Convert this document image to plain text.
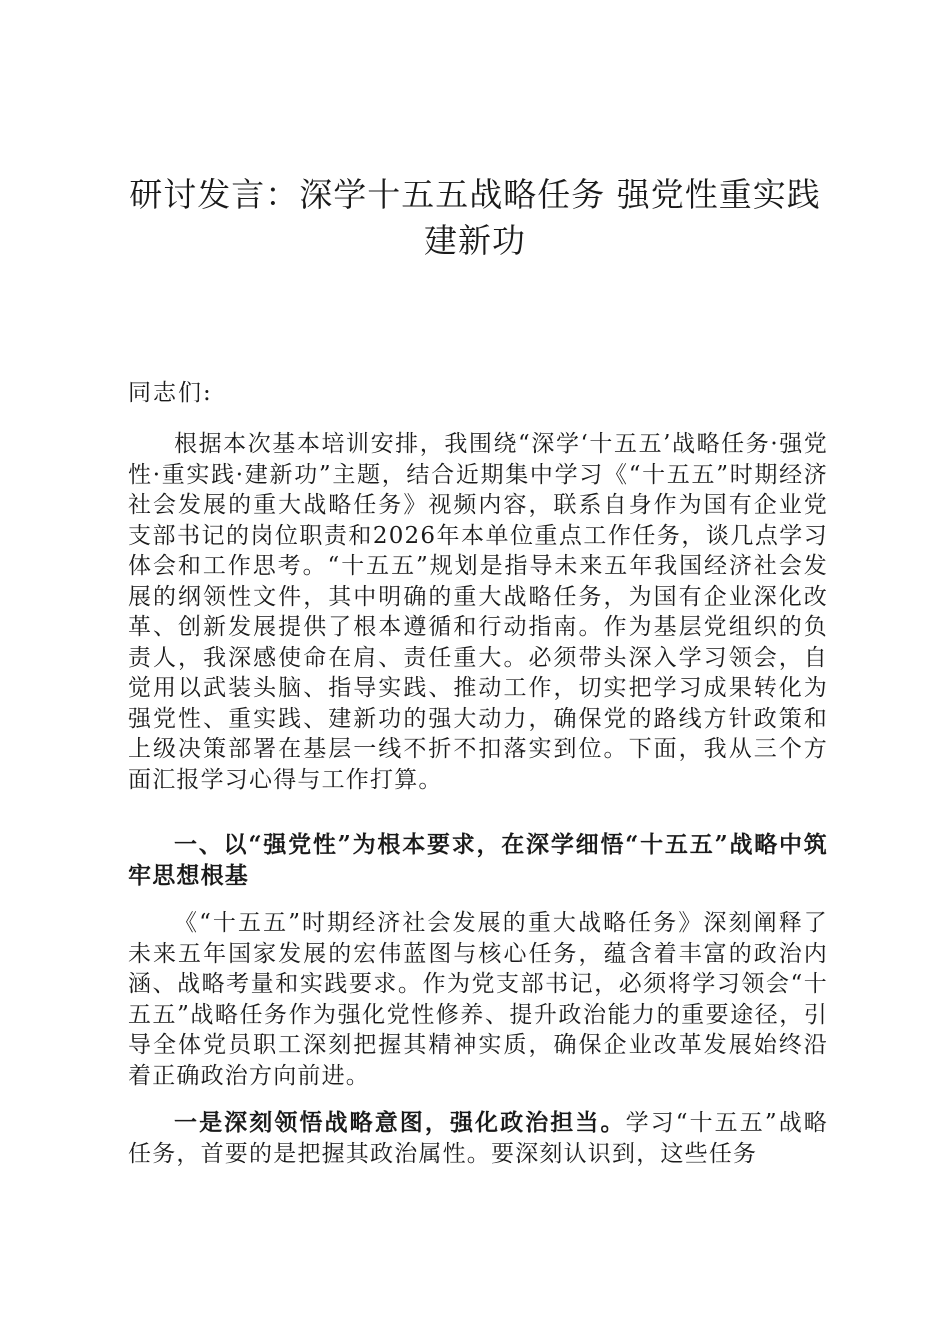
研讨发言：深学十五五战略任务 强党性重实践建新功

同志们:

根据本次基本培训安排，我围绕“深学‘十五五’战略任务·强党性·重实践·建新功”主题，结合近期集中学习《“十五五”时期经济社会发展的重大战略任务》视频内容，联系自身作为国有企业党支部书记的岗位职责和2026年本单位重点工作任务，谈几点学习体会和工作思考。“十五五”规划是指导未来五年我国经济社会发展的纲领性文件，其中明确的重大战略任务，为国有企业深化改革、创新发展提供了根本遵循和行动指南。作为基层党组织的负责人，我深感使命在肩、责任重大。必须带头深入学习领会，自觉用以武装头脑、指导实践、推动工作，切实把学习成果转化为强党性、重实践、建新功的强大动力，确保党的路线方针政策和上级决策部署在基层一线不折不扣落实到位。下面，我从三个方面汇报学习心得与工作打算。

一、以“强党性”为根本要求，在深学细悟“十五五”战略中筑牢思想根基

《“十五五”时期经济社会发展的重大战略任务》深刻阐释了未来五年国家发展的宏伟蓝图与核心任务，蕴含着丰富的政治内涵、战略考量和实践要求。作为党支部书记，必须将学习领会“十五五”战略任务作为强化党性修养、提升政治能力的重要途径，引导全体党员职工深刻把握其精神实质，确保企业改革发展始终沿着正确政治方向前进。

一是深刻领悟战略意图，强化政治担当。学习“十五五”战略任务，首要的是把握其政治属性。要深刻认识到，这些任务
